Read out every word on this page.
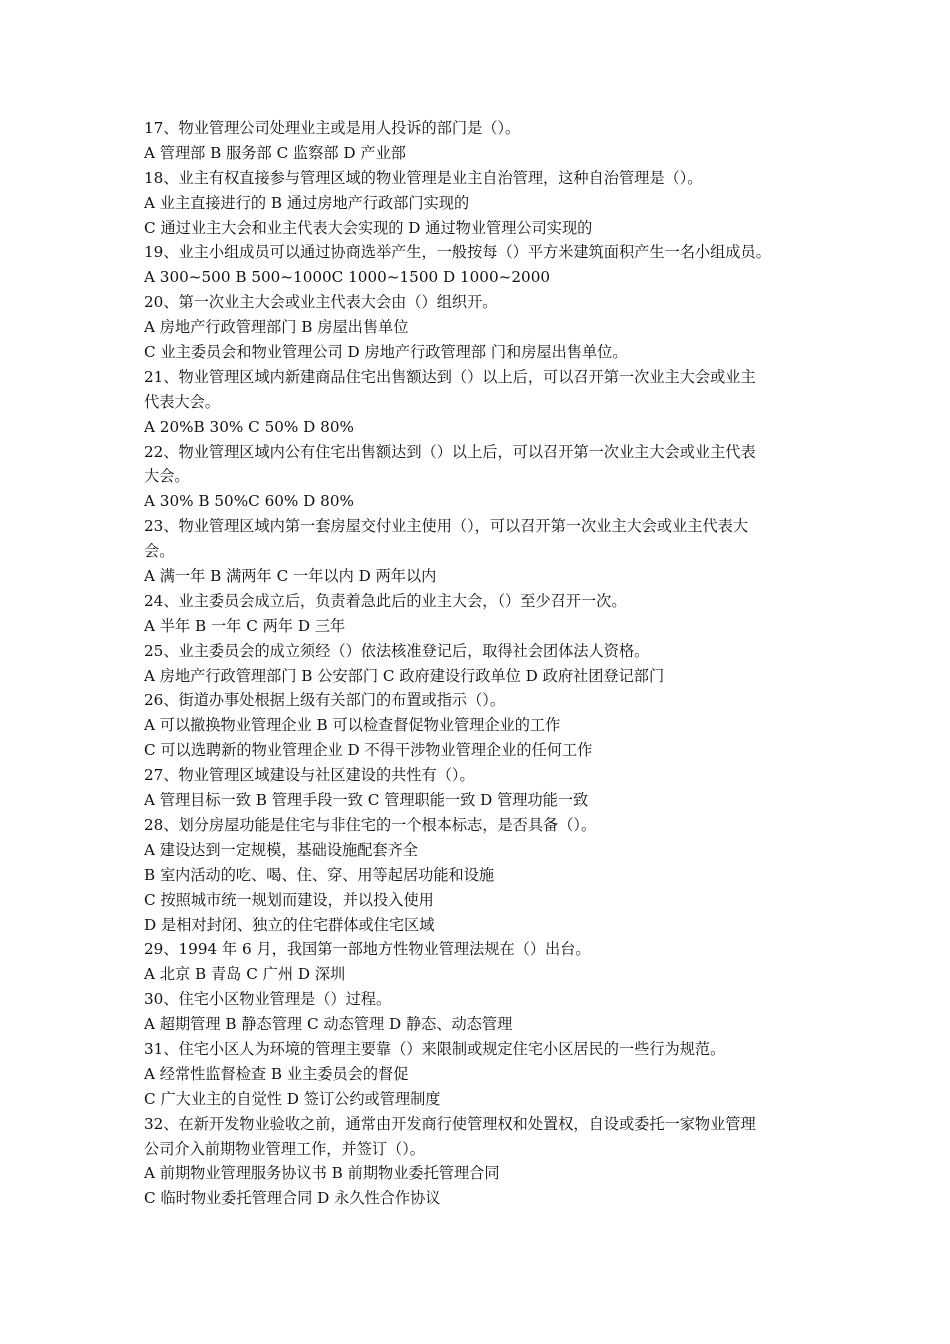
17、物业管理公司处理业主或是用人投诉的部门是（）。
A 管理部 B 服务部 C 监察部 D 产业部
18、业主有权直接参与管理区域的物业管理是业主自治管理，这种自治管理是（）。
A 业主直接进行的 B 通过房地产行政部门实现的
C 通过业主大会和业主代表大会实现的 D 通过物业管理公司实现的
19、业主小组成员可以通过协商选举产生，一般按每（）平方米建筑面积产生一名小组成员。
A 300~500 B 500~1000C 1000~1500 D 1000~2000
20、第一次业主大会或业主代表大会由（）组织开。
A 房地产行政管理部门 B 房屋出售单位
C 业主委员会和物业管理公司 D 房地产行政管理部 门和房屋出售单位。
21、物业管理区域内新建商品住宅出售额达到（）以上后，可以召开第一次业主大会或业主
代表大会。
A 20%B 30% C 50% D 80%
22、物业管理区域内公有住宅出售额达到（）以上后，可以召开第一次业主大会或业主代表
大会。
A 30% B 50%C 60% D 80%
23、物业管理区域内第一套房屋交付业主使用（），可以召开第一次业主大会或业主代表大
会。
A 满一年 B 满两年 C 一年以内 D 两年以内
24、业主委员会成立后，负责着急此后的业主大会，（）至少召开一次。
A 半年 B 一年 C 两年 D 三年
25、业主委员会的成立须经（）依法核准登记后，取得社会团体法人资格。
A 房地产行政管理部门 B 公安部门 C 政府建设行政单位 D 政府社团登记部门
26、街道办事处根据上级有关部门的布置或指示（）。
A 可以撤换物业管理企业 B 可以检查督促物业管理企业的工作
C 可以选聘新的物业管理企业 D 不得干涉物业管理企业的任何工作
27、物业管理区域建设与社区建设的共性有（）。
A 管理目标一致 B 管理手段一致 C 管理职能一致 D 管理功能一致
28、划分房屋功能是住宅与非住宅的一个根本标志，是否具备（）。
A 建设达到一定规模，基础设施配套齐全
B 室内活动的吃、喝、住、穿、用等起居功能和设施
C 按照城市统一规划而建设，并以投入使用
D 是相对封闭、独立的住宅群体或住宅区域
29、1994 年 6 月，我国第一部地方性物业管理法规在（）出台。
A 北京 B 青岛 C 广州 D 深圳
30、住宅小区物业管理是（）过程。
A 超期管理 B 静态管理 C 动态管理 D 静态、动态管理
31、住宅小区人为环境的管理主要靠（）来限制或规定住宅小区居民的一些行为规范。
A 经常性监督检查 B 业主委员会的督促
C 广大业主的自觉性 D 签订公约或管理制度
32、在新开发物业验收之前，通常由开发商行使管理权和处置权，自设或委托一家物业管理
公司介入前期物业管理工作，并签订（）。
A 前期物业管理服务协议书 B 前期物业委托管理合同
C 临时物业委托管理合同 D 永久性合作协议
